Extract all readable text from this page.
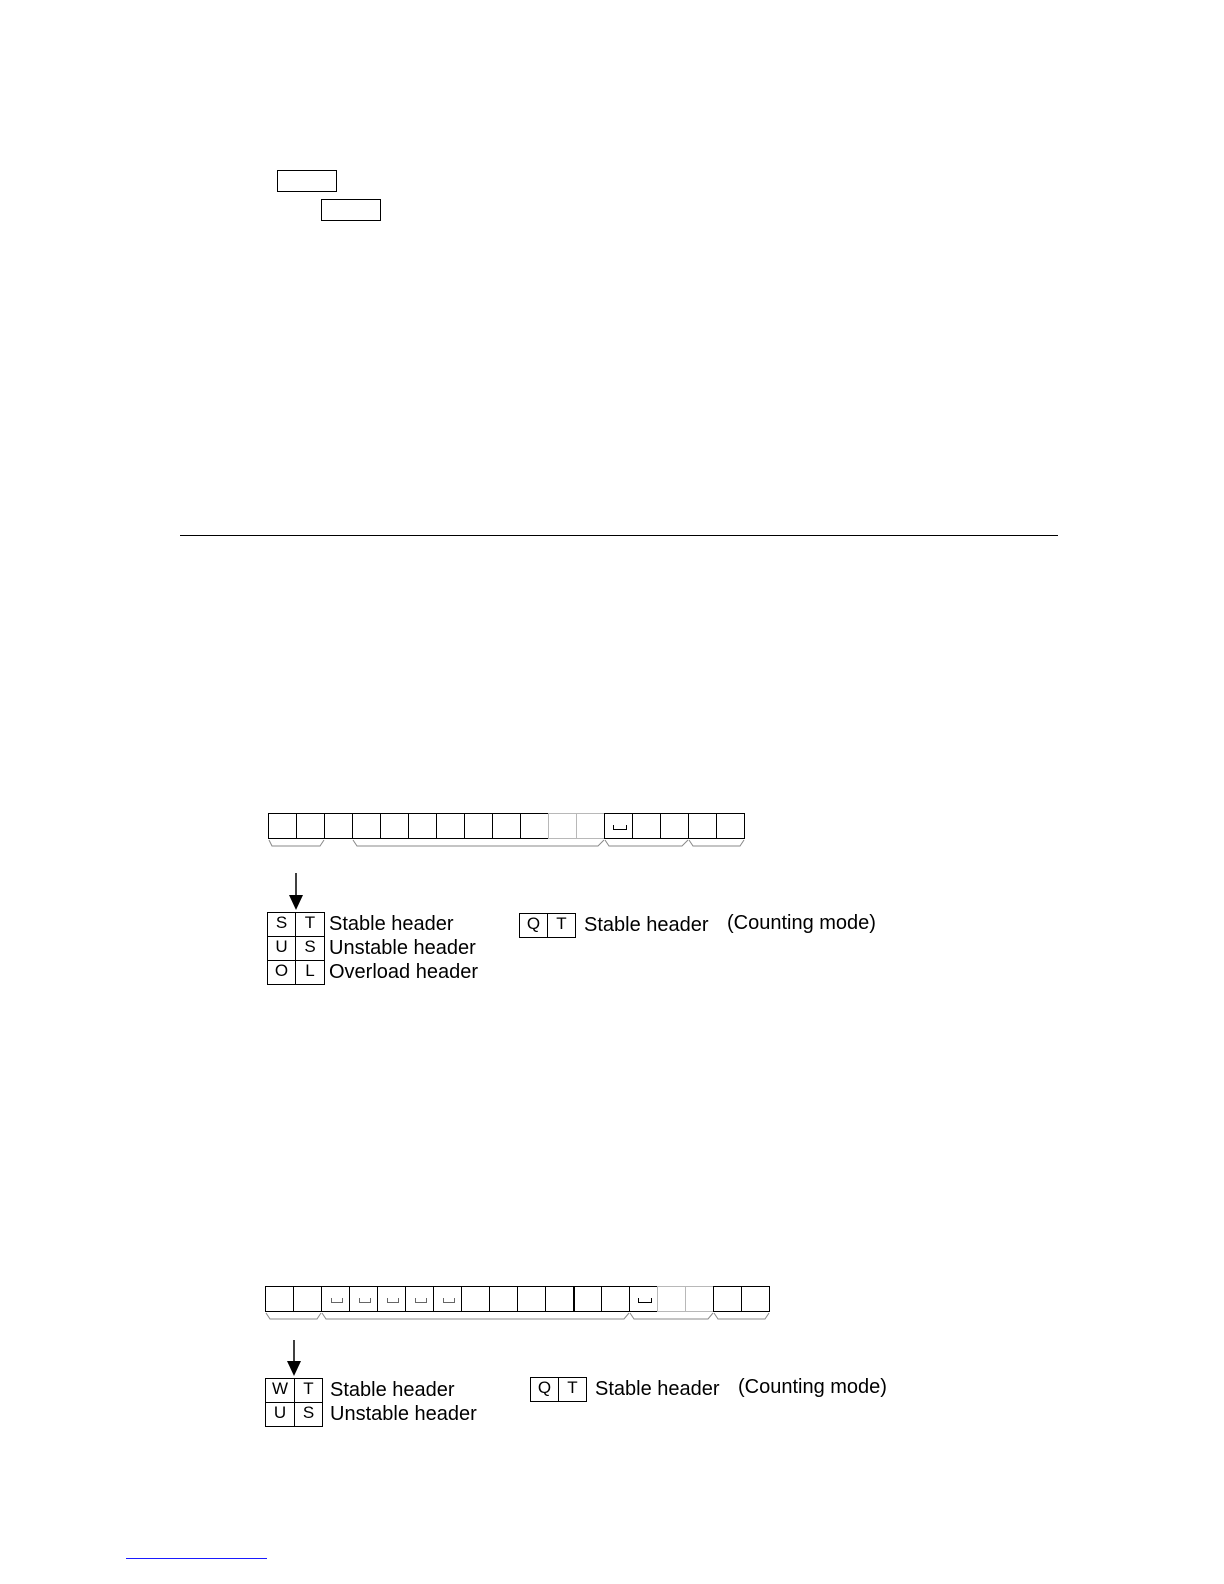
S	T
U S
O	L
Stable header
Unstable header
Overload header
Q T Stable header (Counting mode)
W T
U S
Stable header
Unstable header
Q T Stable header (Counting mode)
